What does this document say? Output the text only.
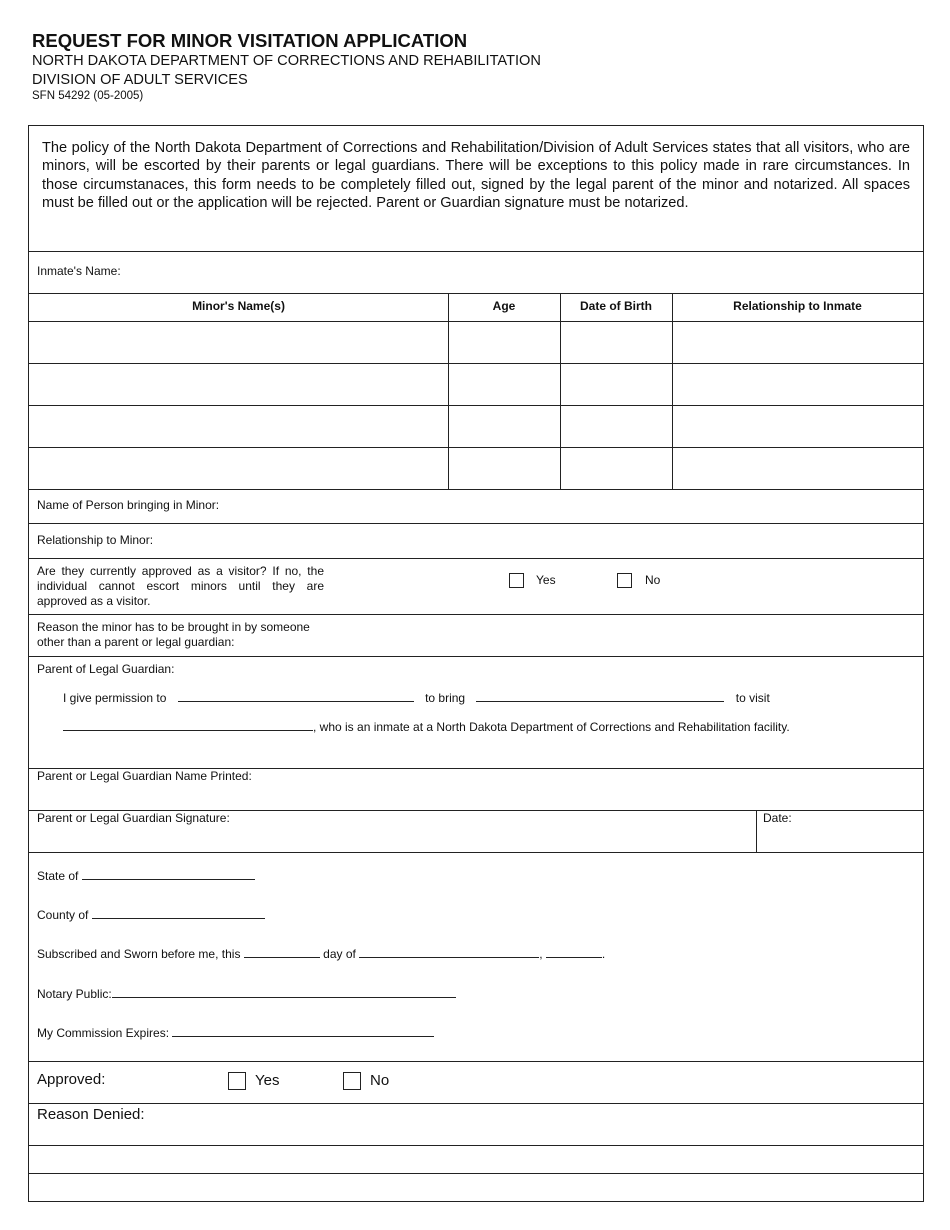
REQUEST FOR MINOR VISITATION APPLICATION
NORTH DAKOTA DEPARTMENT OF CORRECTIONS AND REHABILITATION
DIVISION OF ADULT SERVICES
SFN 54292 (05-2005)
The policy of the North Dakota Department of Corrections and Rehabilitation/Division of Adult Services states that all visitors, who are minors, will be escorted by their parents or legal guardians. There will be exceptions to this policy made in rare circumstances. In those circumstanaces, this form needs to be completely filled out, signed by the legal parent of the minor and notarized. All spaces must be filled out or the application will be rejected. Parent or Guardian signature must be notarized.
Inmate's Name:
Minor's Name(s)	Age	Date of Birth	Relationship to Inmate
Name of Person bringing in Minor:
Relationship to Minor:
Are they currently approved as a visitor? If no, the individual cannot escort minors until they are approved as a visitor.
Yes	No
Reason the minor has to be brought in by someone other than a parent or legal guardian:
Parent of Legal Guardian:
I give permission to	to bring	to visit
, who is an inmate at a North Dakota Department of Corrections and Rehabilitation facility.
Parent or Legal Guardian Name Printed:
Parent or Legal Guardian Signature:	Date:
State of
County of
Subscribed and Sworn before me, this	day of	,	.
Notary Public:
My Commission Expires:
Approved:	Yes	No
Reason Denied:
